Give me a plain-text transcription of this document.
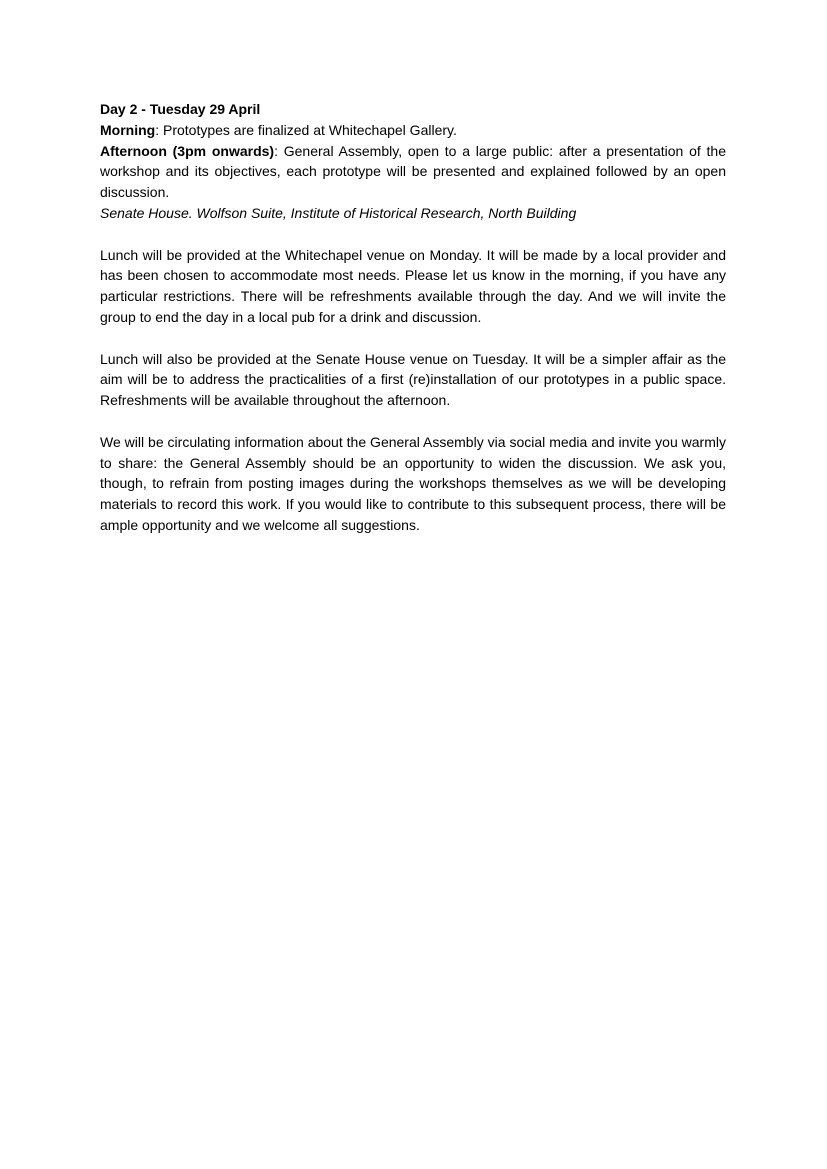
Day 2 - Tuesday 29 April

Morning: Prototypes are finalized at Whitechapel Gallery.

Afternoon (3pm onwards): General Assembly, open to a large public: after a presentation of the workshop and its objectives, each prototype will be presented and explained followed by an open discussion.

Senate House. Wolfson Suite, Institute of Historical Research, North Building

Lunch will be provided at the Whitechapel venue on Monday. It will be made by a local provider and has been chosen to accommodate most needs. Please let us know in the morning, if you have any particular restrictions. There will be refreshments available through the day. And we will invite the group to end the day in a local pub for a drink and discussion.

Lunch will also be provided at the Senate House venue on Tuesday. It will be a simpler affair as the aim will be to address the practicalities of a first (re)installation of our prototypes in a public space. Refreshments will be available throughout the afternoon.

We will be circulating information about the General Assembly via social media and invite you warmly to share: the General Assembly should be an opportunity to widen the discussion. We ask you, though, to refrain from posting images during the workshops themselves as we will be developing materials to record this work. If you would like to contribute to this subsequent process, there will be ample opportunity and we welcome all suggestions.
